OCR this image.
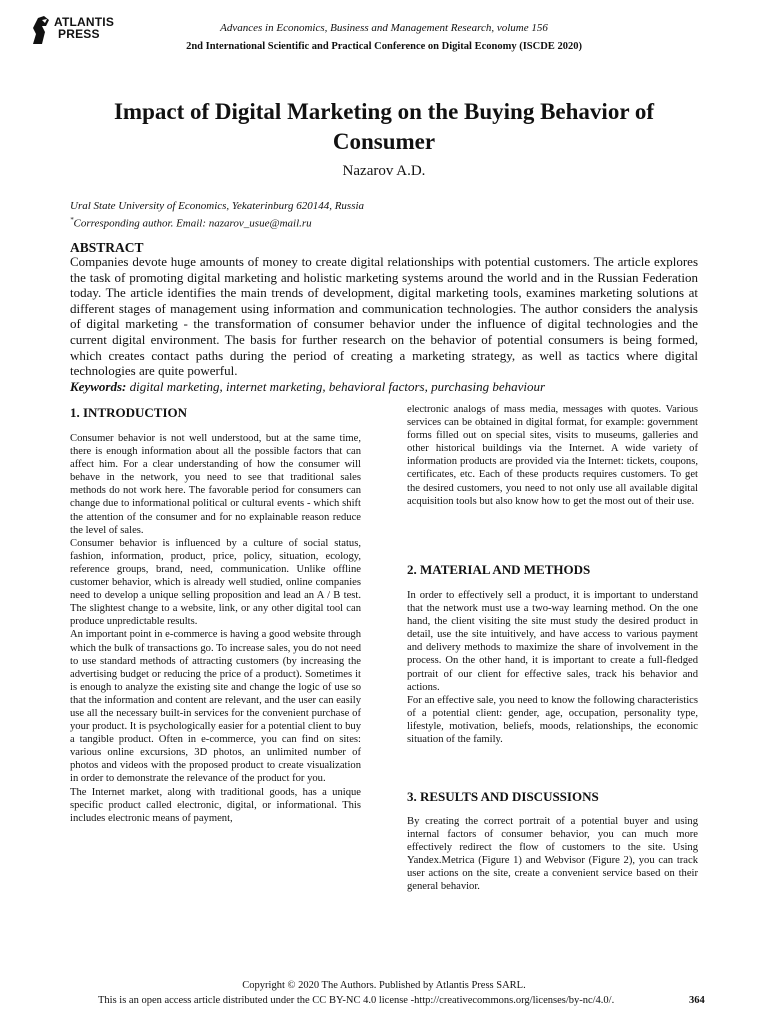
ATLANTIS
PRESS	Advances in Economics, Business and Management Research, volume 156
2nd International Scientific and Practical Conference on Digital Economy (ISCDE 2020)
Impact of Digital Marketing on the Buying Behavior of Consumer
Nazarov A.D.
Ural State University of Economics, Yekaterinburg 620144, Russia
*Corresponding author. Email: nazarov_usue@mail.ru
ABSTRACT

Companies devote huge amounts of money to create digital relationships with potential customers. The article explores the task of promoting digital marketing and holistic marketing systems around the world and in the Russian Federation today. The article identifies the main trends of development, digital marketing tools, examines marketing solutions at different stages of management using information and communication technologies. The author considers the analysis of digital marketing - the transformation of consumer behavior under the influence of digital technologies and the current digital environment. The basis for further research on the behavior of potential consumers is being formed, which creates contact paths during the period of creating a marketing strategy, as well as tactics where digital technologies are quite powerful.

Keywords: digital marketing, internet marketing, behavioral factors, purchasing behaviour
1. INTRODUCTION

Consumer behavior is not well understood, but at the same time, there is enough information about all the possible factors that can affect him. For a clear understanding of how the consumer will behave in the network, you need to see that traditional sales methods do not work here. The favorable period for consumers can change due to informational political or cultural events - which shift the attention of the consumer and for no explainable reason reduce the level of sales.

Consumer behavior is influenced by a culture of social status, fashion, information, product, price, policy, situation, ecology, reference groups, brand, need, communication. Unlike offline customer behavior, which is already well studied, online companies need to develop a unique selling proposition and lead an A / B test. The slightest change to a website, link, or any other digital tool can produce unpredictable results.

An important point in e-commerce is having a good website through which the bulk of transactions go. To increase sales, you do not need to use standard methods of attracting customers (by increasing the advertising budget or reducing the price of a product). Sometimes it is enough to analyze the existing site and change the logic of use so that the information and content are relevant, and the user can easily use all the necessary built-in services for the convenient purchase of your product. It is psychologically easier for a potential client to buy a tangible product. Often in e-commerce, you can find on sites: various online excursions, 3D photos, an unlimited number of photos and videos with the proposed product to create visualization in order to demonstrate the relevance of the product for you.

The Internet market, along with traditional goods, has a unique specific product called electronic, digital, or informational. This includes electronic means of payment,

electronic analogs of mass media, messages with quotes. Various services can be obtained in digital format, for example: government forms filled out on special sites, visits to museums, galleries and other historical buildings via the Internet. A wide variety of information products are provided via the Internet: tickets, coupons, certificates, etc. Each of these products requires customers. To get the desired customers, you need to not only use all available digital acquisition tools but also know how to get the most out of their use.

2. MATERIAL AND METHODS

In order to effectively sell a product, it is important to understand that the network must use a two-way learning method. On the one hand, the client visiting the site must study the desired product in detail, use the site intuitively, and have access to various payment and delivery methods to maximize the share of involvement in the process. On the other hand, it is important to create a full-fledged portrait of our client for effective sales, track his behavior and actions.

For an effective sale, you need to know the following characteristics of a potential client: gender, age, occupation, personality type, lifestyle, motivation, beliefs, moods, relationships, the economic situation of the family.

3. RESULTS AND DISCUSSIONS

By creating the correct portrait of a potential buyer and using internal factors of consumer behavior, you can much more effectively redirect the flow of customers to the site. Using Yandex.Metrica (Figure 1) and Webvisor (Figure 2), you can track user actions on the site, create a convenient service based on their general behavior.

Copyright © 2020 The Authors. Published by Atlantis Press SARL.
This is an open access article distributed under the CC BY-NC 4.0 license -http://creativecommons.org/licenses/by-nc/4.0/.	364
